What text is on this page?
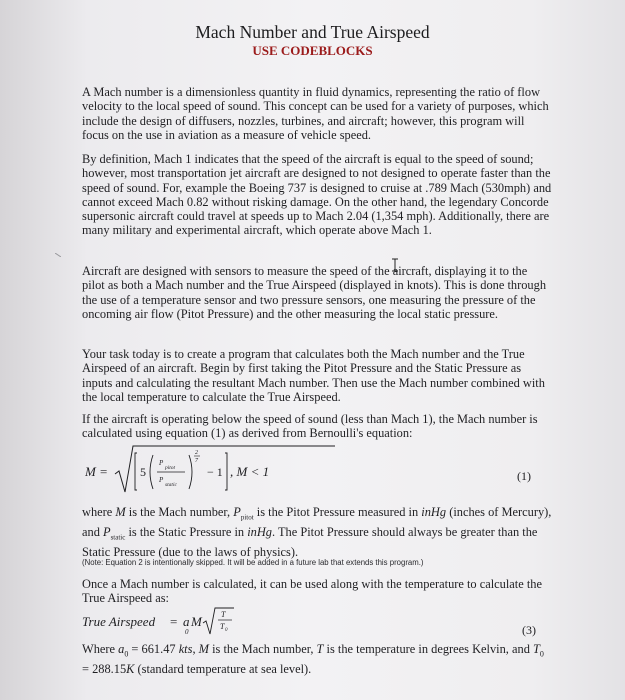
Mach Number and True Airspeed
USE CODEBLOCKS

A Mach number is a dimensionless quantity in fluid dynamics, representing the ratio of flow velocity to the local speed of sound. This concept can be used for a variety of purposes, which include the design of diffusers, nozzles, turbines, and aircraft; however, this program will focus on the use in aviation as a measure of vehicle speed.

By definition, Mach 1 indicates that the speed of the aircraft is equal to the speed of sound; however, most transportation jet aircraft are designed to not designed to operate faster than the speed of sound. For, example the Boeing 737 is designed to cruise at .789 Mach (530mph) and cannot exceed Mach 0.82 without risking damage. On the other hand, the legendary Concorde supersonic aircraft could travel at speeds up to Mach 2.04 (1,354 mph). Additionally, there are many military and experimental aircraft, which operate above Mach 1.

Aircraft are designed with sensors to measure the speed of the aircraft, displaying it to the pilot as both a Mach number and the True Airspeed (displayed in knots). This is done through the use of a temperature sensor and two pressure sensors, one measuring the pressure of the oncoming air flow (Pitot Pressure) and the other measuring the local static pressure.

Your task today is to create a program that calculates both the Mach number and the True Airspeed of an aircraft. Begin by first taking the Pitot Pressure and the Static Pressure as inputs and calculating the resultant Mach number. Then use the Mach number combined with the local temperature to calculate the True Airspeed.

If the aircraft is operating below the speed of sound (less than Mach 1), the Mach number is calculated using equation (1) as derived from Bernoulli's equation:

M =	5
P
pitot
P
static
2
7
− 1 , M < 1	(1)

where M is the Mach number, $P_{pitot}$ is the Pitot Pressure measured in inHg (inches of Mercury), and $P_{static}$ is the Static Pressure in inHg. The Pitot Pressure should always be greater than the Static Pressure (due to the laws of physics).

(Note: Equation 2 is intentionally skipped. It will be added in a future lab that extends this program.)

Once a Mach number is calculated, it can be used along with the temperature to calculate the True Airspeed as:

True Airspeed = a
0
M T
T 0	(3)

Where $a_0 = 661.47$ kts, M is the Mach number, T is the temperature in degrees Kelvin, and $T_0 = 288.15K$ (standard temperature at sea level).
